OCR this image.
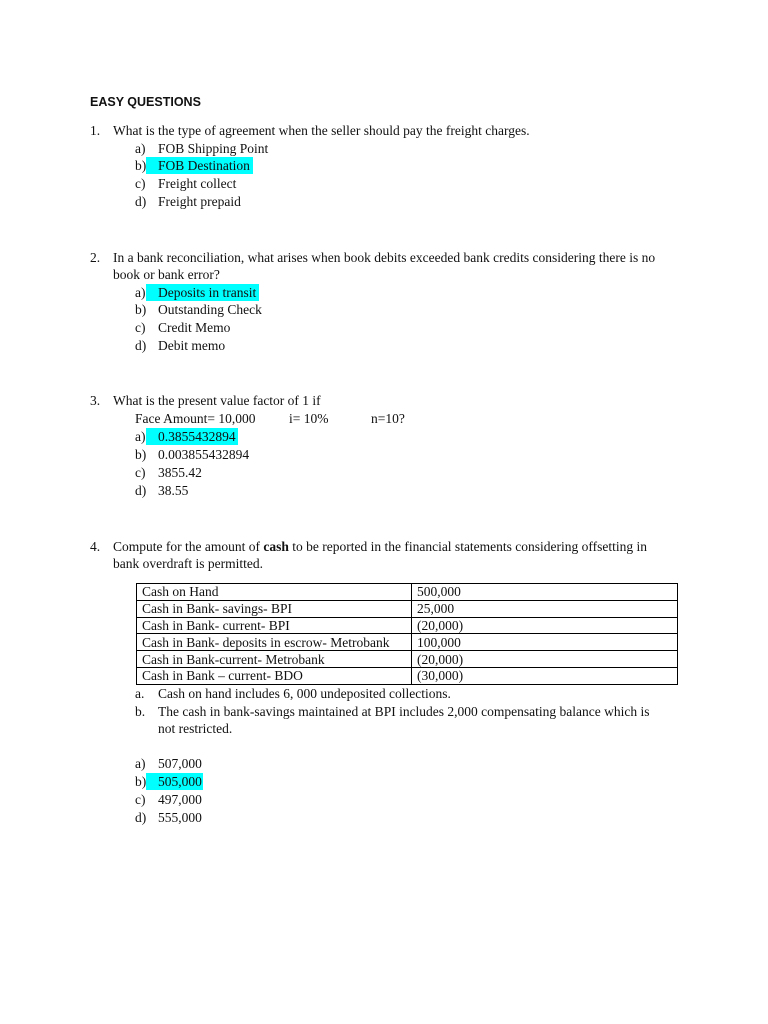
EASY QUESTIONS
1. What is the type of agreement when the seller should pay the freight charges.
a) FOB Shipping Point
b) FOB Destination
c) Freight collect
d) Freight prepaid
2. In a bank reconciliation, what arises when book debits exceeded bank credits considering there is no
book or bank error?
a) Deposits in transit
b) Outstanding Check
c) Credit Memo
d) Debit memo
3. What is the present value factor of 1 if
Face Amount= 10,000 i= 10%	n=10?
a) 0.3855432894
b) 0.003855432894
c) 3855.42
d) 38.55
4. Compute for the amount of cash to be reported in the financial statements considering offsetting in
bank overdraft is permitted.
Cash on Hand	500,000
Cash in Bank- savings- BPI	25,000
Cash in Bank- current- BPI	(20,000)
Cash in Bank- deposits in escrow- Metrobank	100,000
Cash in Bank-current- Metrobank	(20,000)
Cash in Bank – current- BDO	(30,000)
a. Cash on hand includes 6, 000 undeposited collections.
b. The cash in bank-savings maintained at BPI includes 2,000 compensating balance which is
not restricted.
a) 507,000
b) 505,000
c) 497,000
d) 555,000
